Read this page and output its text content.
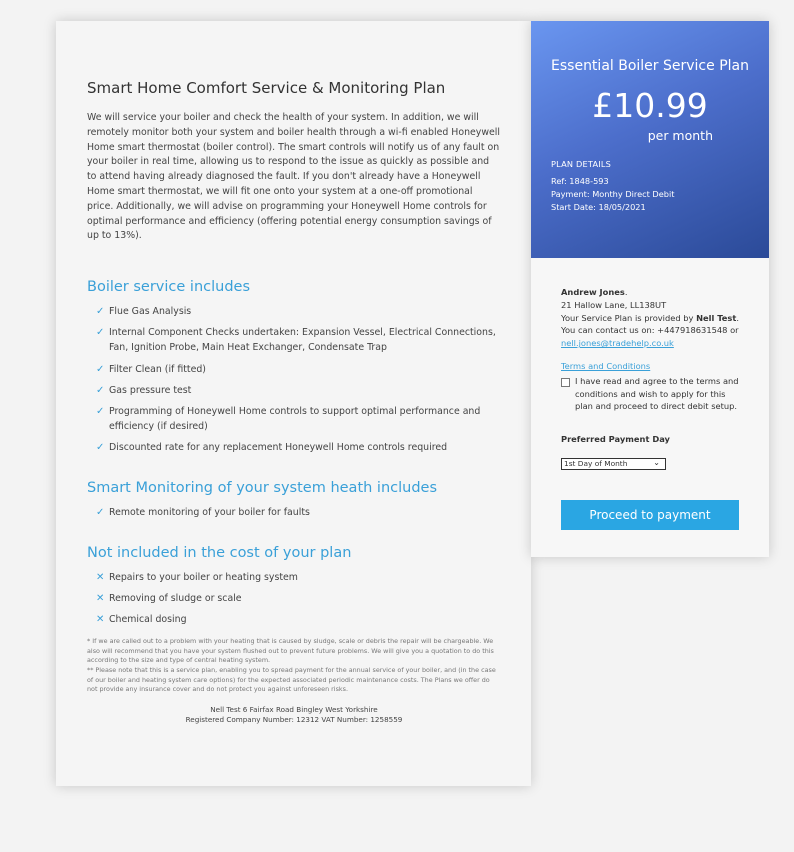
Smart Home Comfort Service & Monitoring Plan

We will service your boiler and check the health of your system. In addition, we will remotely monitor both your system and boiler health through a wi-fi enabled Honeywell Home smart thermostat (boiler control). The smart controls will notify us of any fault on your boiler in real time, allowing us to respond to the issue as quickly as possible and to attend having already diagnosed the fault. If you don't already have a Honeywell Home smart thermostat, we will fit one onto your system at a one-off promotional price. Additionally, we will advise on programming your Honeywell Home controls for optimal performance and efficiency (offering potential energy consumption savings of up to 13%).

Boiler service includes
✓ Flue Gas Analysis
✓ Internal Component Checks undertaken: Expansion Vessel, Electrical Connections, Fan, Ignition Probe, Main Heat Exchanger, Condensate Trap
✓ Filter Clean (if fitted)
✓ Gas pressure test
✓ Programming of Honeywell Home controls to support optimal performance and efficiency (if desired)
✓ Discounted rate for any replacement Honeywell Home controls required
Smart Monitoring of your system heath includes
✓ Remote monitoring of your boiler for faults
Not included in the cost of your plan
✕ Repairs to your boiler or heating system
✕ Removing of sludge or scale
✕ Chemical dosing
* If we are called out to a problem with your heating that is caused by sludge, scale or debris the repair will be chargeable. We also will recommend that you have your system flushed out to prevent future problems. We will give you a quotation to do this according to the size and type of central heating system.
** Please note that this is a service plan, enabling you to spread payment for the annual service of your boiler, and (in the case of our boiler and heating system care options) for the expected associated periodic maintenance costs. The Plans we offer do not provide any insurance cover and do not protect you against unforeseen risks.
Nell Test 6 Fairfax Road Bingley West Yorkshire
Registered Company Number: 12312 VAT Number: 1258559
Essential Boiler Service Plan
£10.99
per month
PLAN DETAILS
Ref: 1848-593
Payment: Monthy Direct Debit
Start Date: 18/05/2021
Andrew Jones.
21 Hallow Lane, LL138UT
Your Service Plan is provided by Nell Test.
You can contact us on: +447918631548 or
nell.jones@tradehelp.co.uk
Terms and Conditions
I have read and agree to the terms and conditions and wish to apply for this plan and proceed to direct debit setup.
Preferred Payment Day
1st Day of Month	⌄
Proceed to payment
